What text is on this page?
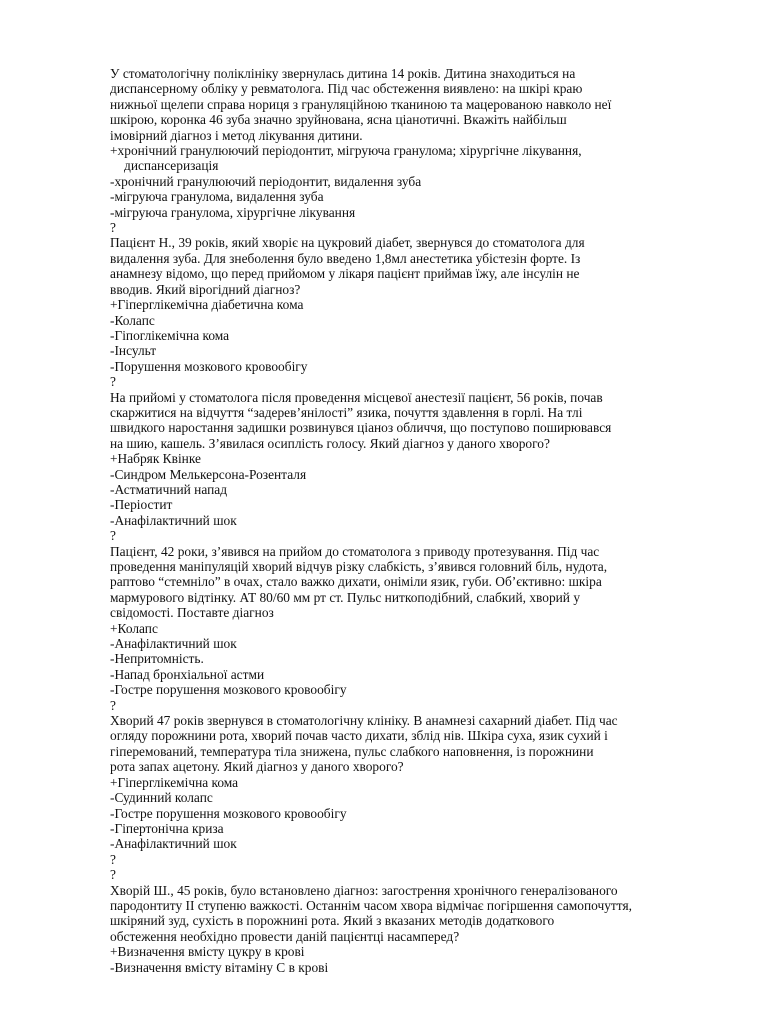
У стоматологічну поліклініку звернулась дитина 14 років. Дитина знаходиться на
диспансерному обліку у ревматолога. Під час обстеження виявлено: на шкірі краю
нижньої щелепи справа нориця з грануляційною тканиною та мацерованою навколо неї
шкірою, коронка 46 зуба значно зруйнована, ясна ціанотичні. Вкажіть найбільш
імовірний діагноз і метод лікування дитини.
+хронічний гранулюючий періодонтит, мігруюча гранулома; хірургічне лікування,
диспансеризація
-хронічний гранулюючий періодонтит, видалення зуба
-мігруюча гранулома, видалення зуба
-мігруюча гранулома, хірургічне лікування
?
Пацієнт Н., 39 років, який хворіє на цукровий діабет, звернувся до стоматолога для
видалення зуба. Для знеболення було введено 1,8мл анестетика убістезін форте. Із
анамнезу відомо, що перед прийомом у лікаря пацієнт приймав їжу, але інсулін не
вводив. Який вірогідний діагноз?
+Гіперглікемічна діабетична кома
-Колапс
-Гіпоглікемічна кома
-Інсульт
-Порушення мозкового кровообігу
?
На прийомі у стоматолога після проведення місцевої анестезії пацієнт, 56 років, почав
скаржитися на відчуття “задерев’янілості” язика, почуття здавлення в горлі. На тлі
швидкого наростання задишки розвинувся ціаноз обличчя, що поступово поширювався
на шию, кашель. З’явилася осиплість голосу. Який діагноз у даного хворого?
+Набряк Квінке
-Синдром Мелькерсона-Розенталя
-Астматичний напад
-Періостит
-Анафілактичний шок
?
Пацієнт, 42 роки, з’явився на прийом до стоматолога з приводу протезування. Під час
проведення маніпуляцій хворий відчув різку слабкість, з’явився головний біль, нудота,
раптово “стемніло” в очах, стало важко дихати, оніміли язик, губи. Об’єктивно: шкіра
мармурового відтінку. АТ 80/60 мм рт ст. Пульс ниткоподібний, слабкий, хворий у
свідомості. Поставте діагноз
+Колапс
-Анафілактичний шок
-Непритомність.
-Напад бронхіальної астми
-Гостре порушення мозкового кровообігу
?
Хворий 47 років звернувся в стоматологічну клініку. В анамнезі сахарний діабет. Під час
огляду порожнини рота, хворий почав часто дихати, зблід нів. Шкіра суха, язик сухий і
гіперемований, температура тіла знижена, пульс слабкого наповнення, із порожнини
рота запах ацетону. Який діагноз у даного хворого?
+Гіперглікемічна кома
-Судинний колапс
-Гостре порушення мозкового кровообігу
-Гіпертонічна криза
-Анафілактичний шок
?
?
Хворій Ш., 45 років, було встановлено діагноз: загострення хронічного генералізованого
пародонтиту II ступеню важкості. Останнім часом хвора відмічає погіршення самопочуття,
шкіряний зуд, сухість в порожнині рота. Який з вказаних методів додаткового
обстеження необхідно провести даній пацієнтці насамперед?
+Визначення вмісту цукру в крові
-Визначення вмісту вітаміну С в крові
